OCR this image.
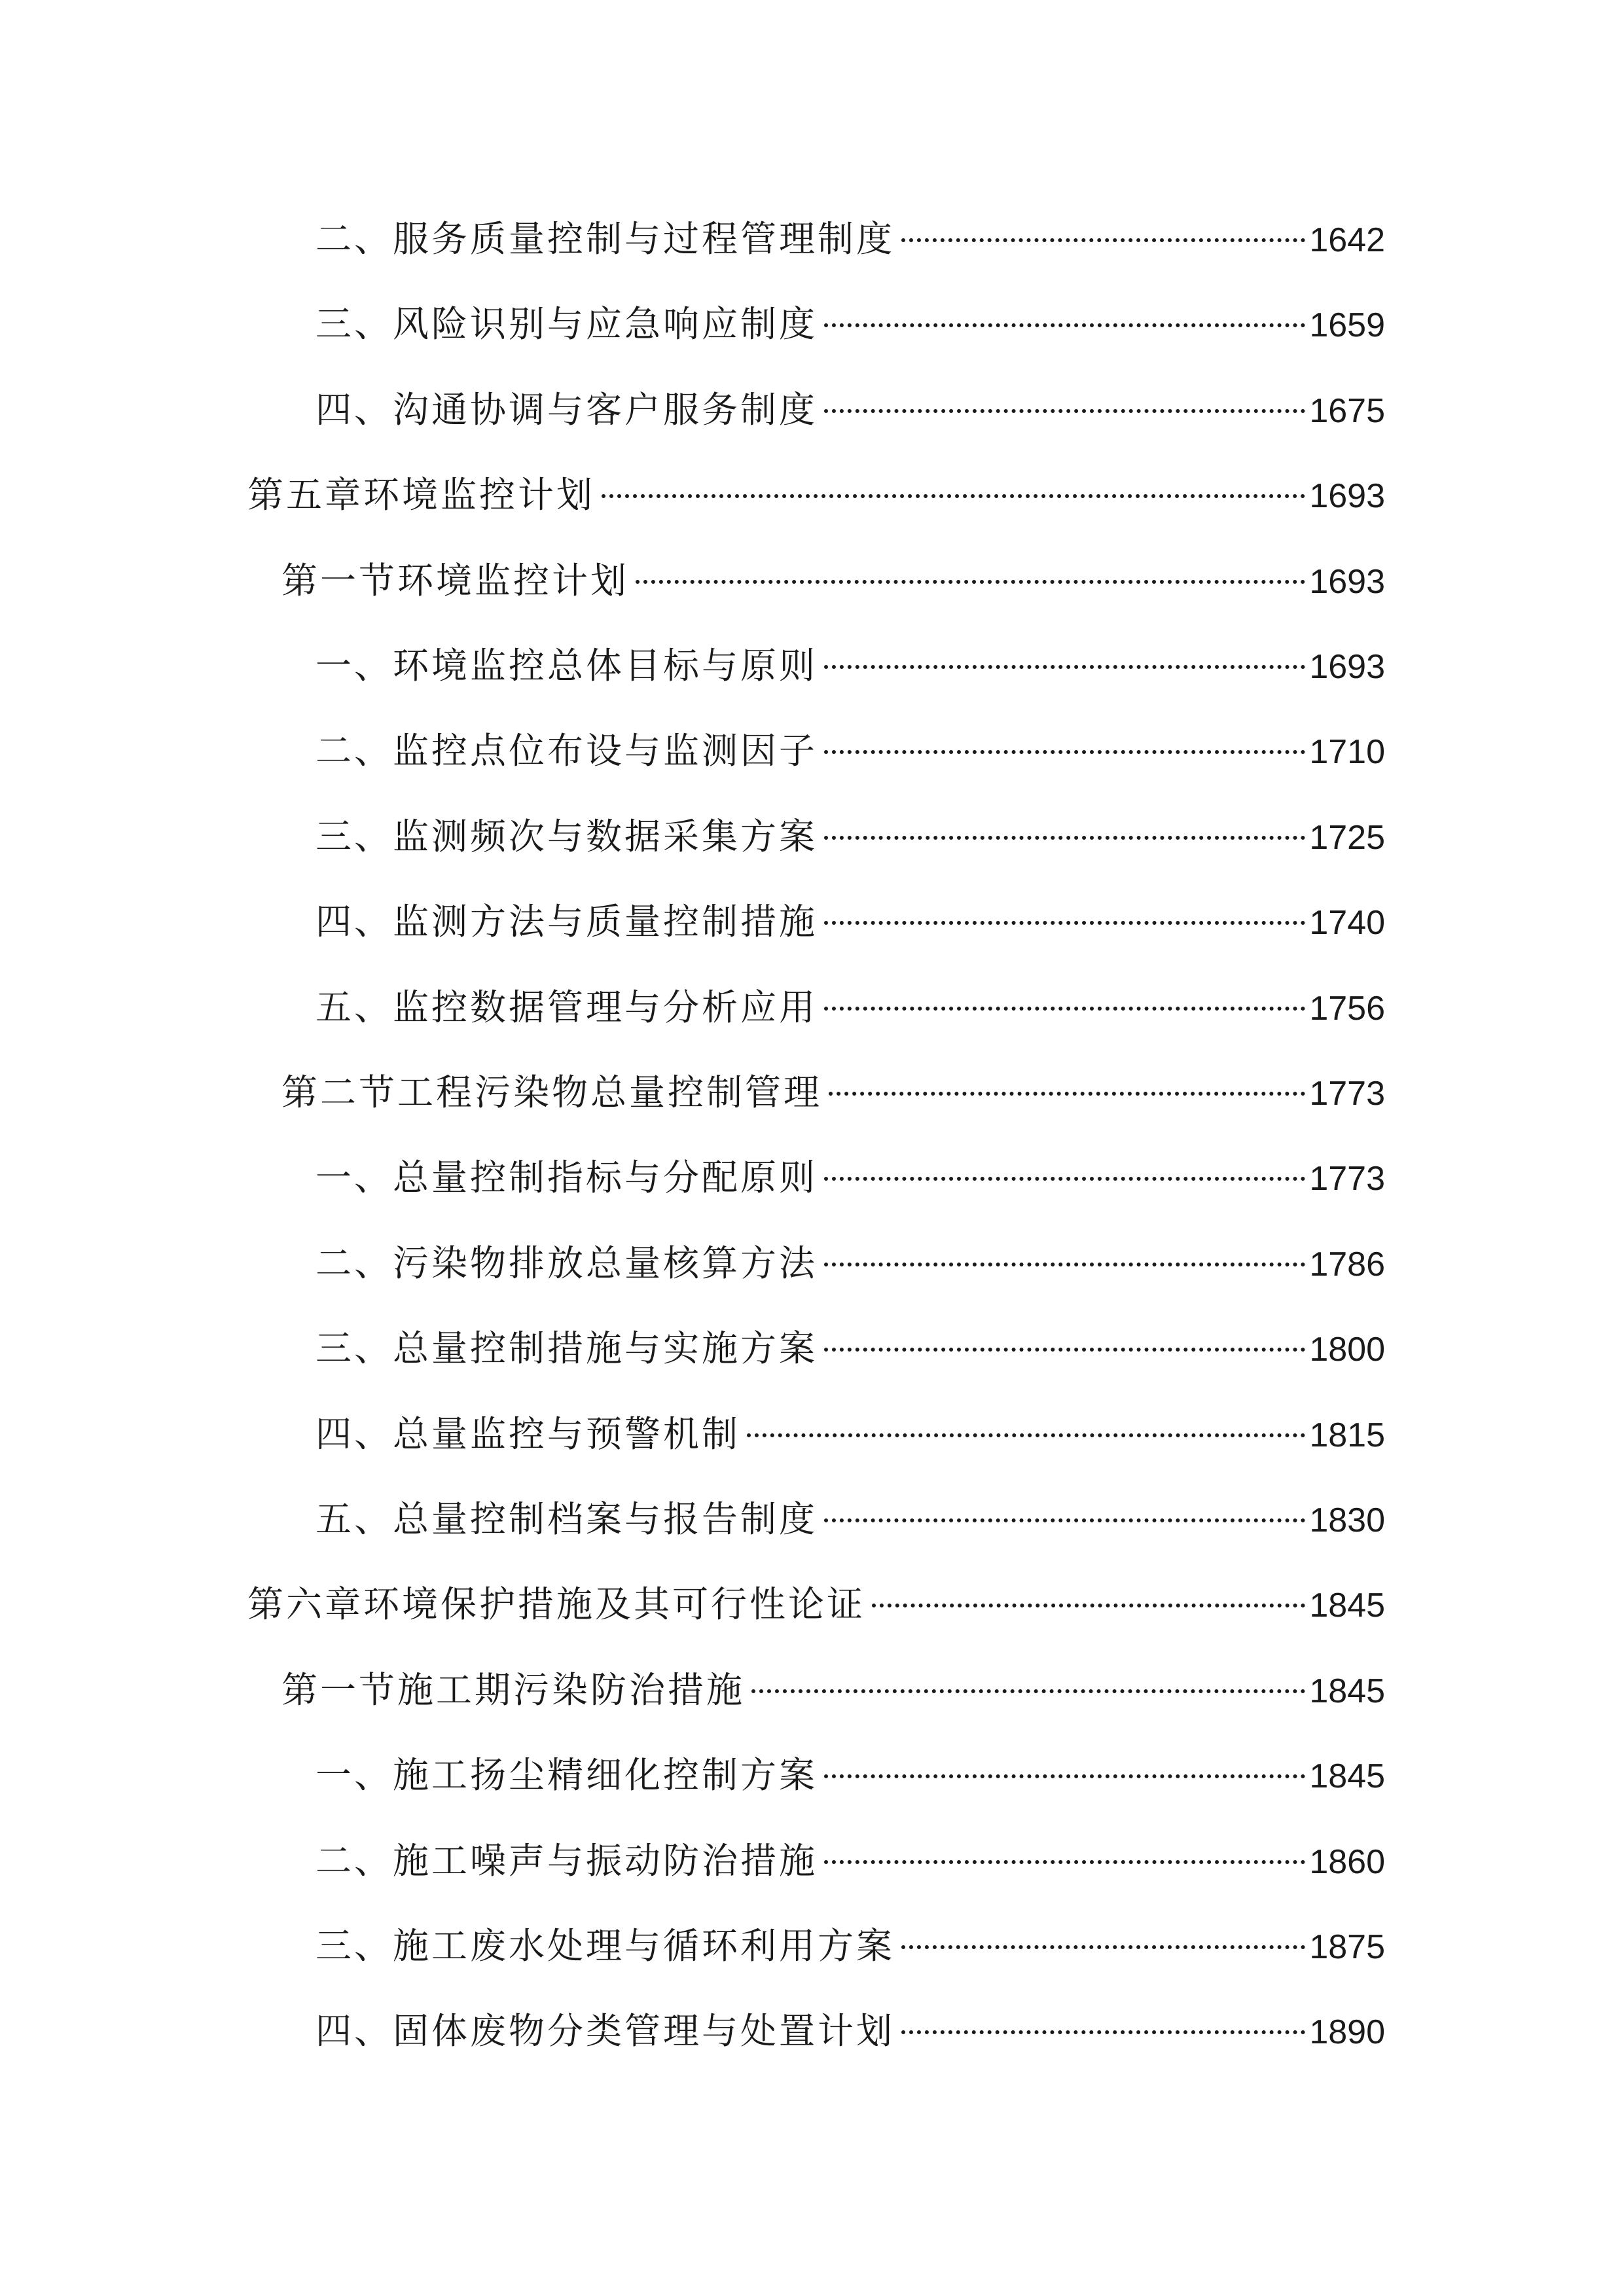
二、服务质量控制与过程管理制度	1642
三、风险识别与应急响应制度	1659
四、沟通协调与客户服务制度	1675
第五章环境监控计划	1693
第一节环境监控计划	1693
一、环境监控总体目标与原则	1693
二、监控点位布设与监测因子	1710
三、监测频次与数据采集方案	1725
四、监测方法与质量控制措施	1740
五、监控数据管理与分析应用	1756
第二节工程污染物总量控制管理	1773
一、总量控制指标与分配原则	1773
二、污染物排放总量核算方法	1786
三、总量控制措施与实施方案	1800
四、总量监控与预警机制	1815
五、总量控制档案与报告制度	1830
第六章环境保护措施及其可行性论证	1845
第一节施工期污染防治措施	1845
一、施工扬尘精细化控制方案	1845
二、施工噪声与振动防治措施	1860
三、施工废水处理与循环利用方案	1875
四、固体废物分类管理与处置计划	1890
